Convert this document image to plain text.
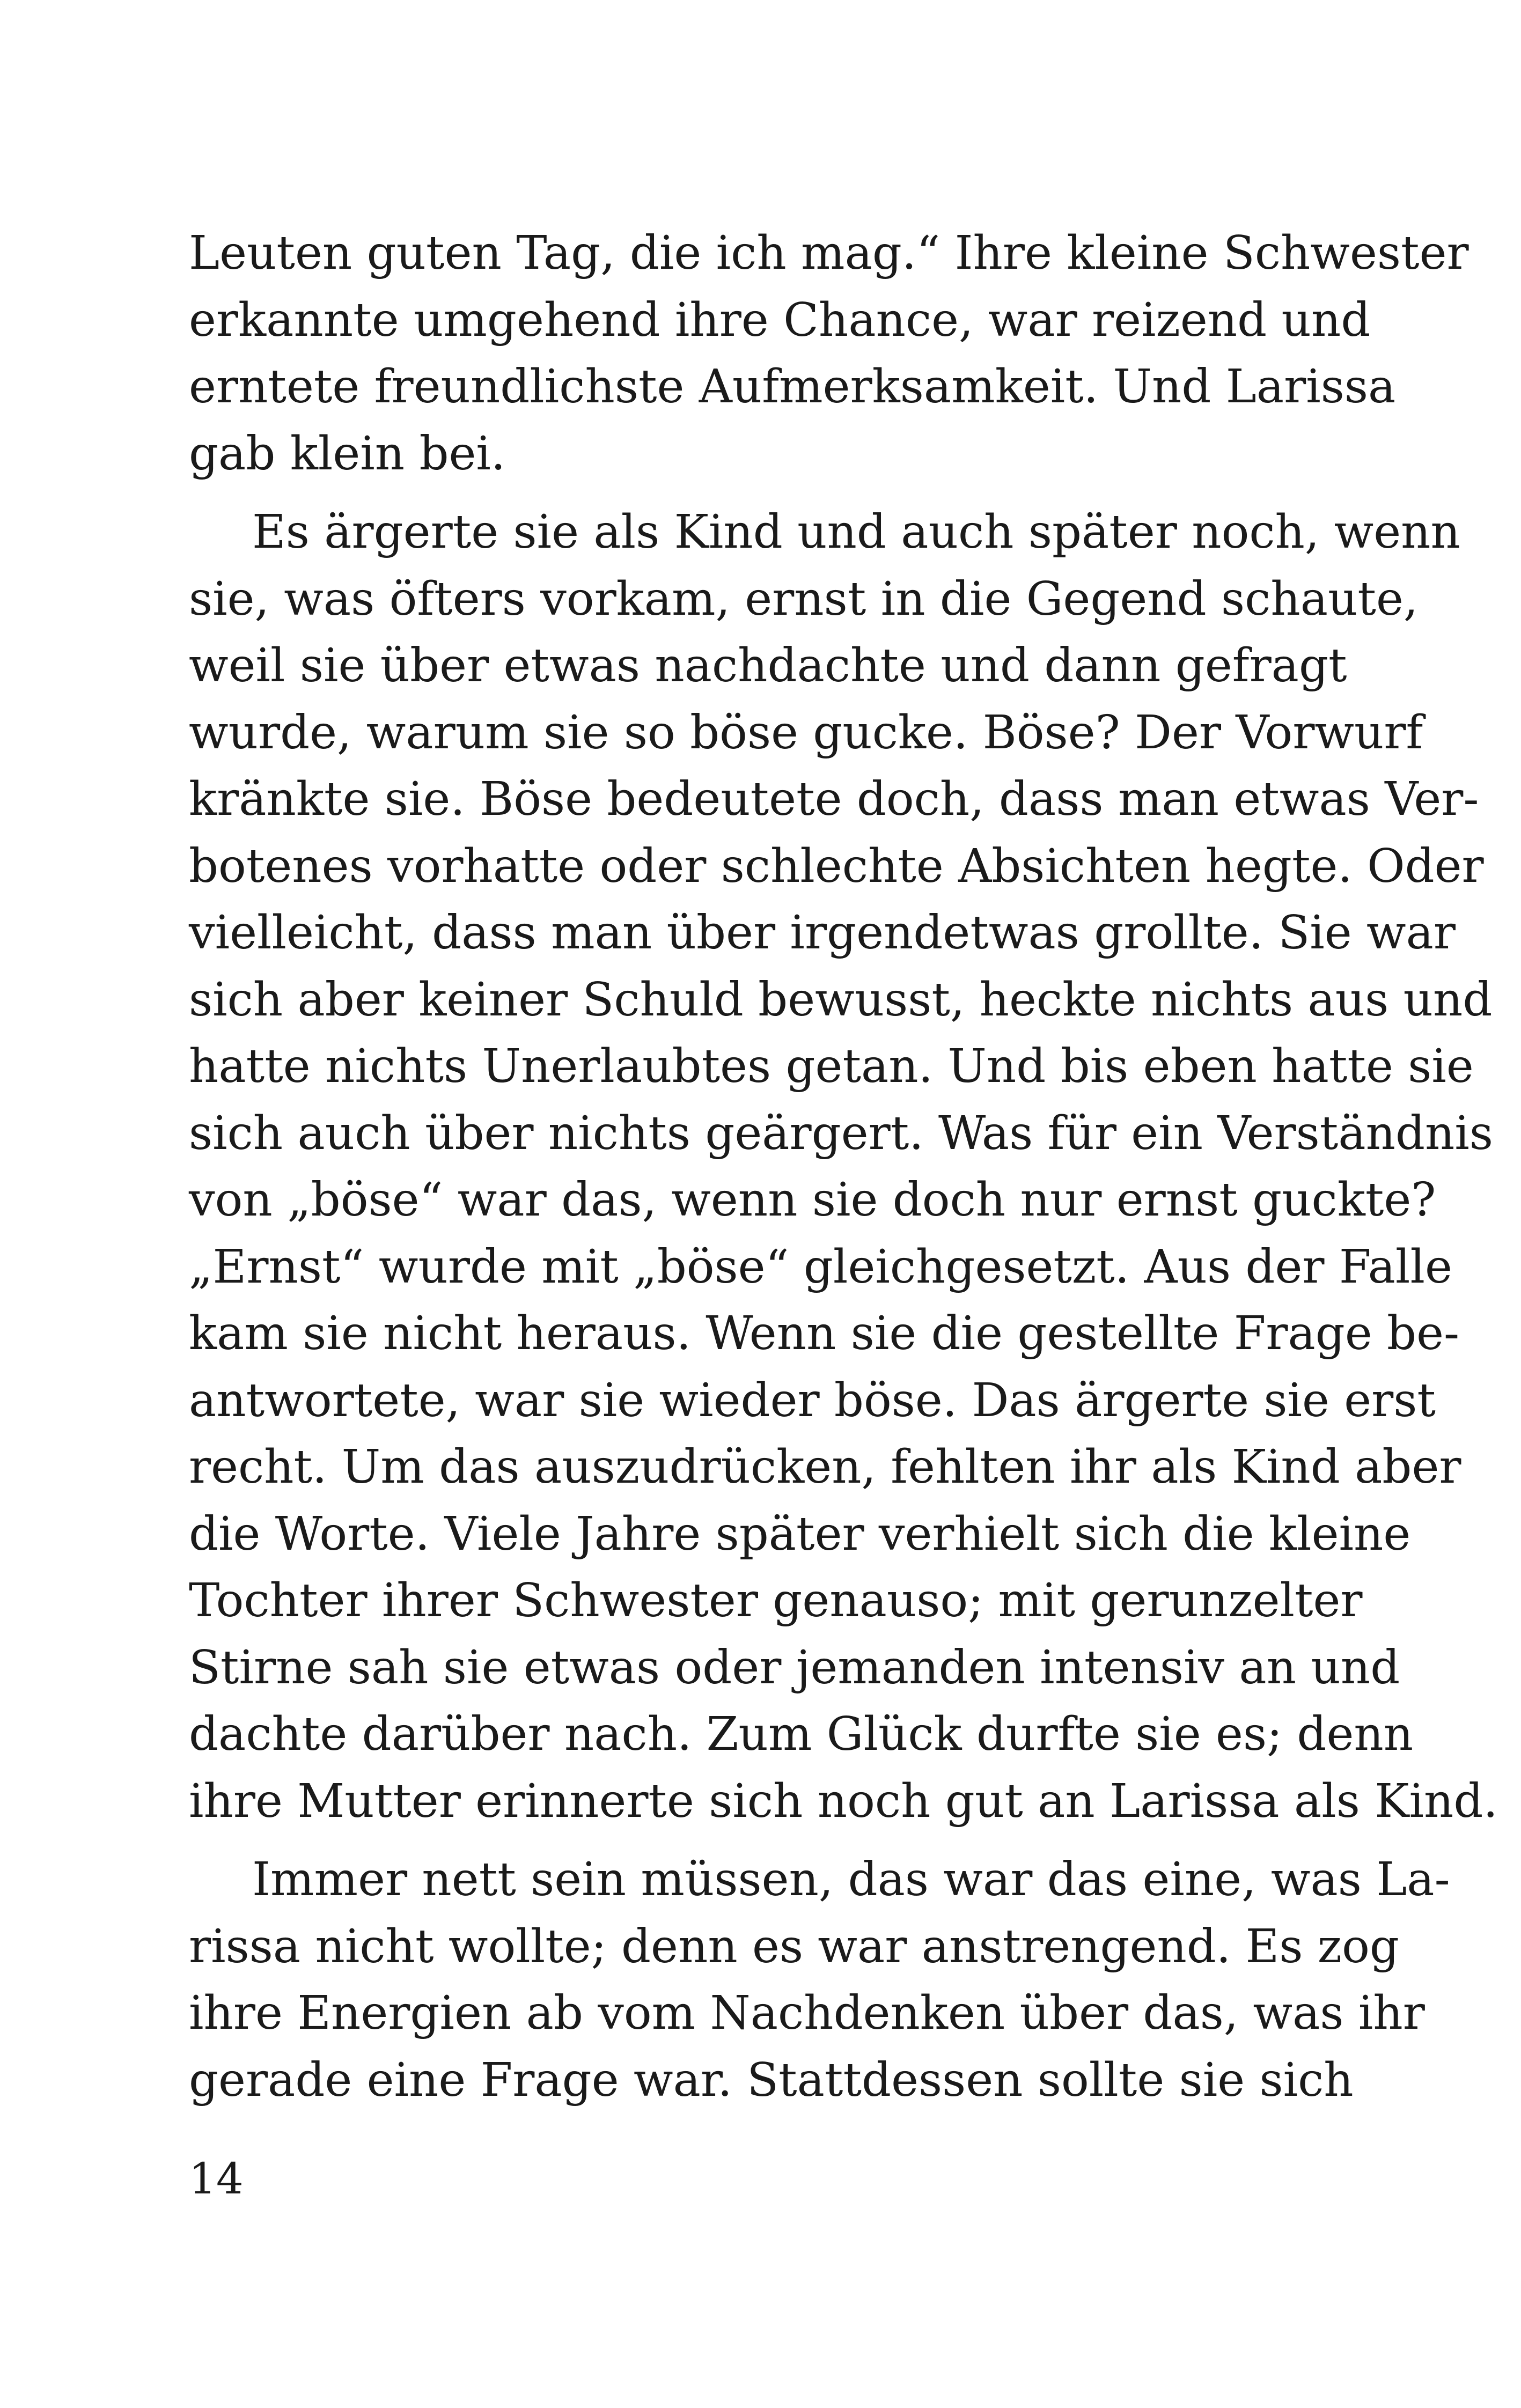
Leuten guten Tag, die ich mag.“ Ihre kleine Schwester
erkannte umgehend ihre Chance, war reizend und
erntete freundlichste Aufmerksamkeit. Und Larissa
gab klein bei.

Es ärgerte sie als Kind und auch später noch, wenn
sie, was öfters vorkam, ernst in die Gegend schaute,
weil sie über etwas nachdachte und dann gefragt
wurde, warum sie so böse gucke. Böse? Der Vorwurf
kränkte sie. Böse bedeutete doch, dass man etwas Ver-
botenes vorhatte oder schlechte Absichten hegte. Oder
vielleicht, dass man über irgendetwas grollte. Sie war
sich aber keiner Schuld bewusst, heckte nichts aus und
hatte nichts Unerlaubtes getan. Und bis eben hatte sie
sich auch über nichts geärgert. Was für ein Verständnis
von „böse“ war das, wenn sie doch nur ernst guckte?
„Ernst“ wurde mit „böse“ gleichgesetzt. Aus der Falle
kam sie nicht heraus. Wenn sie die gestellte Frage be-
antwortete, war sie wieder böse. Das ärgerte sie erst
recht. Um das auszudrücken, fehlten ihr als Kind aber
die Worte. Viele Jahre später verhielt sich die kleine
Tochter ihrer Schwester genauso; mit gerunzelter
Stirne sah sie etwas oder jemanden intensiv an und
dachte darüber nach. Zum Glück durfte sie es; denn
ihre Mutter erinnerte sich noch gut an Larissa als Kind.

Immer nett sein müssen, das war das eine, was La-
rissa nicht wollte; denn es war anstrengend. Es zog
ihre Energien ab vom Nachdenken über das, was ihr
gerade eine Frage war. Stattdessen sollte sie sich

14
